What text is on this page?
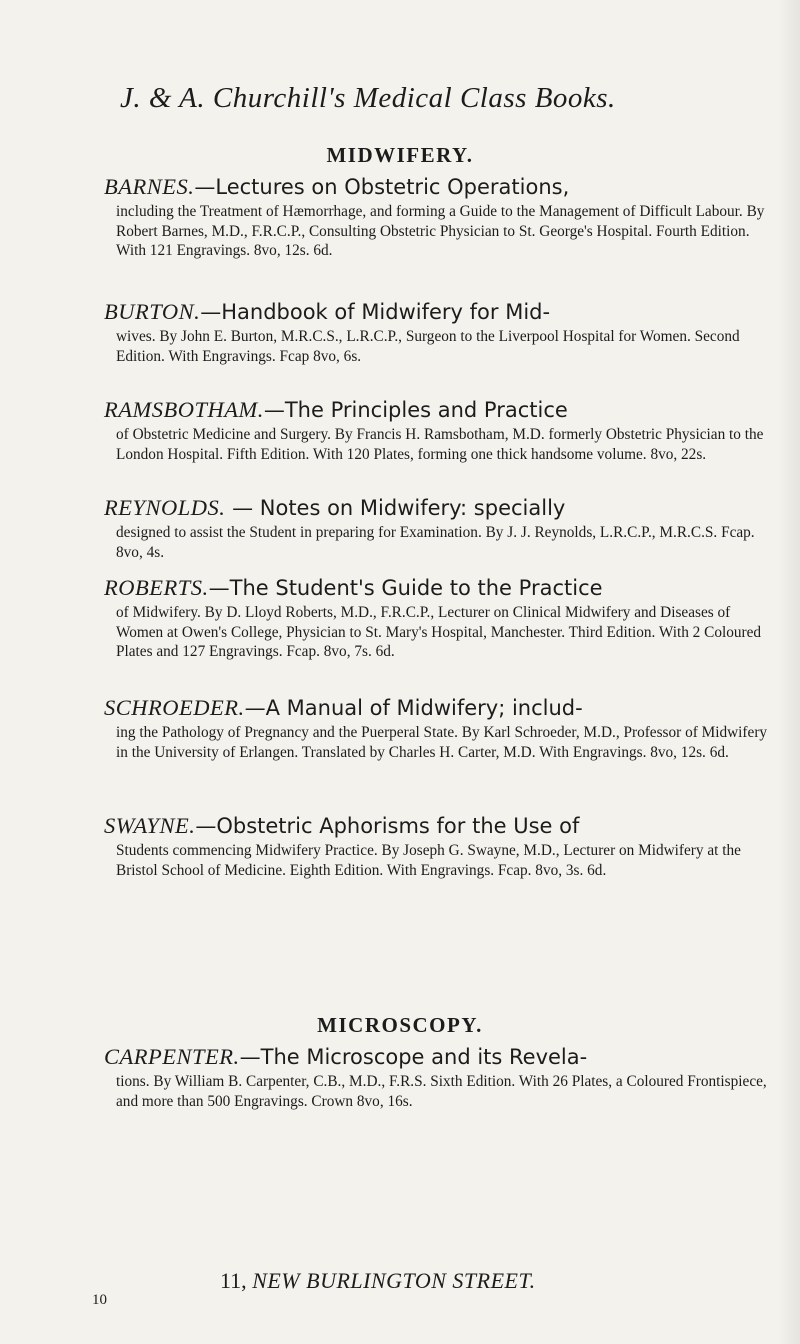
J. & A. Churchill's Medical Class Books.
MIDWIFERY.
BARNES.—Lectures on Obstetric Operations,
including the Treatment of Hæmorrhage, and forming a Guide to the Management of Difficult Labour. By Robert Barnes, M.D., F.R.C.P., Consulting Obstetric Physician to St. George's Hospital. Fourth Edition. With 121 Engravings. 8vo, 12s. 6d.
BURTON.—Handbook of Midwifery for Mid-
wives. By John E. Burton, M.R.C.S., L.R.C.P., Surgeon to the Liverpool Hospital for Women. Second Edition. With Engravings. Fcap 8vo, 6s.
RAMSBOTHAM.—The Principles and Practice
of Obstetric Medicine and Surgery. By Francis H. Ramsbotham, M.D. formerly Obstetric Physician to the London Hospital. Fifth Edition. With 120 Plates, forming one thick handsome volume. 8vo, 22s.
REYNOLDS. — Notes on Midwifery: specially
designed to assist the Student in preparing for Examination. By J. J. Reynolds, L.R.C.P., M.R.C.S. Fcap. 8vo, 4s.
ROBERTS.—The Student's Guide to the Practice
of Midwifery. By D. Lloyd Roberts, M.D., F.R.C.P., Lecturer on Clinical Midwifery and Diseases of Women at Owen's College, Physician to St. Mary's Hospital, Manchester. Third Edition. With 2 Coloured Plates and 127 Engravings. Fcap. 8vo, 7s. 6d.
SCHROEDER.—A Manual of Midwifery; includ-
ing the Pathology of Pregnancy and the Puerperal State. By Karl Schroeder, M.D., Professor of Midwifery in the University of Erlangen. Translated by Charles H. Carter, M.D. With Engravings. 8vo, 12s. 6d.
SWAYNE.—Obstetric Aphorisms for the Use of
Students commencing Midwifery Practice. By Joseph G. Swayne, M.D., Lecturer on Midwifery at the Bristol School of Medicine. Eighth Edition. With Engravings. Fcap. 8vo, 3s. 6d.
MICROSCOPY.
CARPENTER.—The Microscope and its Revela-
tions. By William B. Carpenter, C.B., M.D., F.R.S. Sixth Edition. With 26 Plates, a Coloured Frontispiece, and more than 500 Engravings. Crown 8vo, 16s.
11, NEW BURLINGTON STREET.
10
